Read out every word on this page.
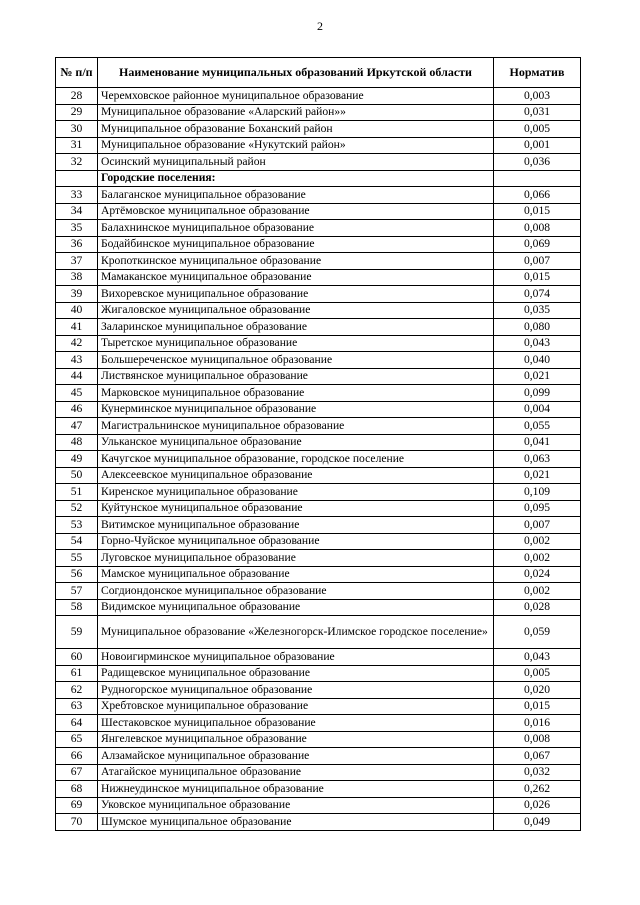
2
№ п/п	Наименование муниципальных образований Иркутской области	Норматив
28	Черемховское районное муниципальное образование	0,003
29	Муниципальное образование «Аларский район»»	0,031
30	Муниципальное образование Боханский район	0,005
31	Муниципальное образование «Нукутский район»	0,001
32	Осинский муниципальный район	0,036
	Городские поселения:	
33	Балаганское муниципальное образование	0,066
34	Артёмовское муниципальное образование	0,015
35	Балахнинское муниципальное образование	0,008
36	Бодайбинское муниципальное образование	0,069
37	Кропоткинское муниципальное образование	0,007
38	Мамаканское муниципальное образование	0,015
39	Вихоревское муниципальное образование	0,074
40	Жигаловское муниципальное образование	0,035
41	Заларинское муниципальное образование	0,080
42	Тыретское муниципальное образование	0,043
43	Большереченское муниципальное образование	0,040
44	Листвянское муниципальное образование	0,021
45	Марковское муниципальное образование	0,099
46	Кунерминское муниципальное образование	0,004
47	Магистральнинское муниципальное образование	0,055
48	Ульканское муниципальное образование	0,041
49	Качугское муниципальное образование, городское поселение	0,063
50	Алексеевское муниципальное образование	0,021
51	Киренское муниципальное образование	0,109
52	Куйтунское муниципальное образование	0,095
53	Витимское муниципальное образование	0,007
54	Горно-Чуйское муниципальное образование	0,002
55	Луговское муниципальное образование	0,002
56	Мамское муниципальное образование	0,024
57	Согдиондонское муниципальное образование	0,002
58	Видимское муниципальное образование	0,028
59	Муниципальное образование «Железногорск-Илимское городское поселение»	0,059
60	Новоигирминское муниципальное образование	0,043
61	Радищевское муниципальное образование	0,005
62	Рудногорское муниципальное образование	0,020
63	Хребтовское муниципальное образование	0,015
64	Шестаковское муниципальное образование	0,016
65	Янгелевское муниципальное образование	0,008
66	Алзамайское муниципальное образование	0,067
67	Атагайское муниципальное образование	0,032
68	Нижнеудинское муниципальное образование	0,262
69	Уковское муниципальное образование	0,026
70	Шумское муниципальное образование	0,049
